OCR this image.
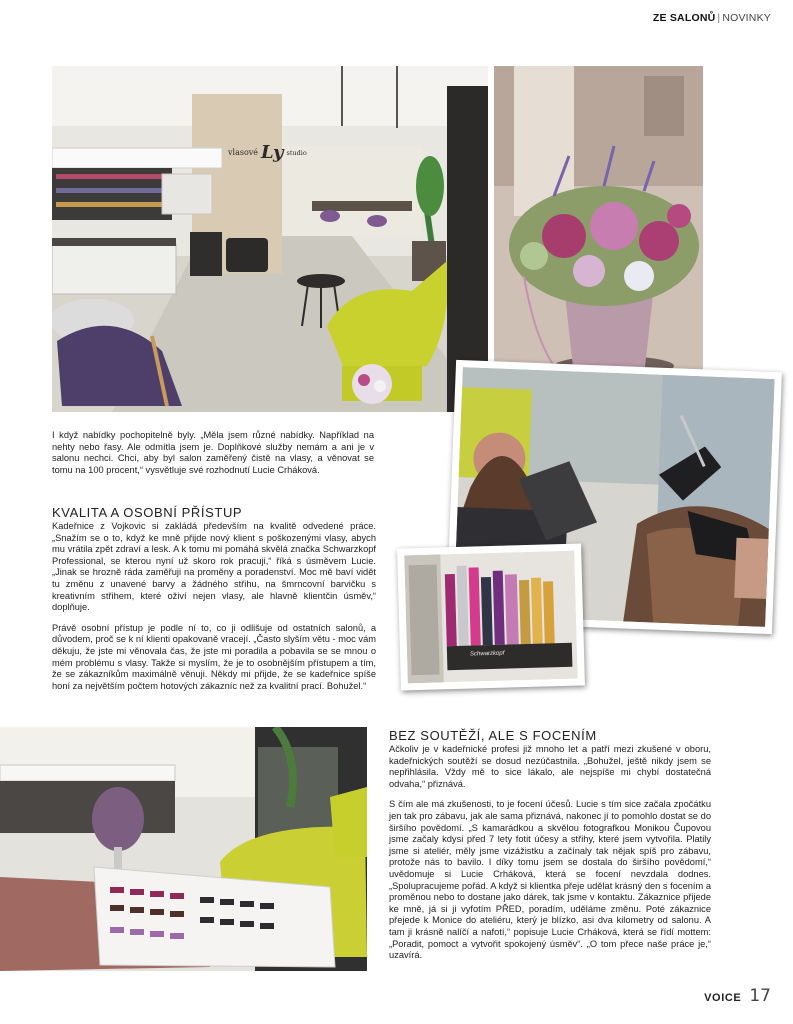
ZE SALONŮ | NOVINKY
vlasové Ly studio
Schwarzkopf

I když nabídky pochopitelně byly. „Měla jsem různé nabídky. Například na nehty nebo řasy. Ale odmítla jsem je. Doplňkové služby nemám a ani je v salonu nechci. Chci, aby byl salon zaměřený čistě na vlasy, a věnovat se tomu na 100 procent,“ vysvětluje své rozhodnutí Lucie Crháková.

KVALITA A OSOBNÍ PŘÍSTUP

Kadeřnice z Vojkovic si zakládá především na kvalitě odvedené práce. „Snažím se o to, když ke mně přijde nový klient s poškozenými vlasy, abych mu vrátila zpět zdraví a lesk. A k tomu mi pomáhá skvělá značka Schwarzkopf Professional, se kterou nyní už skoro rok pracuji,“ říká s úsměvem Lucie. „Jinak se hrozně ráda zaměřuji na proměny a poradenství. Moc mě baví vidět tu změnu z unavené barvy a žádného střihu, na šmrncovní barvičku s kreativním střihem, které oživí nejen vlasy, ale hlavně klientčin úsměv,“ doplňuje.

Právě osobní přístup je podle ní to, co ji odlišuje od ostatních salonů, a důvodem, proč se k ní klienti opakovaně vracejí. „Často slyším větu - moc vám děkuju, že jste mi věnovala čas, že jste mi poradila a pobavila se se mnou o mém problému s vlasy. Takže si myslím, že je to osobnějším přístupem a tím, že se zákazníkům maximálně věnuji. Někdy mi přijde, že se kadeřnice spíše honí za největším počtem hotových zákazníc než za kvalitní prací. Bohužel.“

BEZ SOUTĚŽÍ, ALE S FOCENÍM

Ačkoliv je v kadeřnické profesi již mnoho let a patří mezi zkušené v oboru, kadeřnických soutěží se dosud nezúčastnila. „Bohužel, ještě nikdy jsem se nepřihlásila. Vždy mě to sice lákalo, ale nejspíše mi chybí dostatečná odvaha,“ přiznává.

S čím ale má zkušenosti, to je focení účesů. Lucie s tím sice začala zpočátku jen tak pro zábavu, jak ale sama přiznává, nakonec jí to pomohlo dostat se do širšího povědomí. „S kamarádkou a skvělou fotografkou Monikou Čupovou jsme začaly kdysi před 7 lety fotit účesy a střihy, které jsem vytvořila. Platily jsme si ateliér, měly jsme vizážistku a začínaly tak nějak spíš pro zábavu, protože nás to bavilo. I díky tomu jsem se dostala do širšího povědomí,“ uvědomuje si Lucie Crháková, která se focení nevzdala dodnes. „Spolupracujeme pořád. A když si klientka přeje udělat krásný den s focením a proměnou nebo to dostane jako dárek, tak jsme v kontaktu. Zákaznice přijede ke mně, já si ji vyfotím PŘED, poradím, uděláme změnu. Poté zákaznice přejede k Monice do ateliéru, který je blízko, asi dva kilometry od salonu. A tam ji krásně nalíčí a nafotí,“ popisuje Lucie Crháková, která se řídí mottem: „Poradit, pomoct a vytvořit spokojený úsměv“. „O tom přece naše práce je,“ uzavírá.

VOICE 17
